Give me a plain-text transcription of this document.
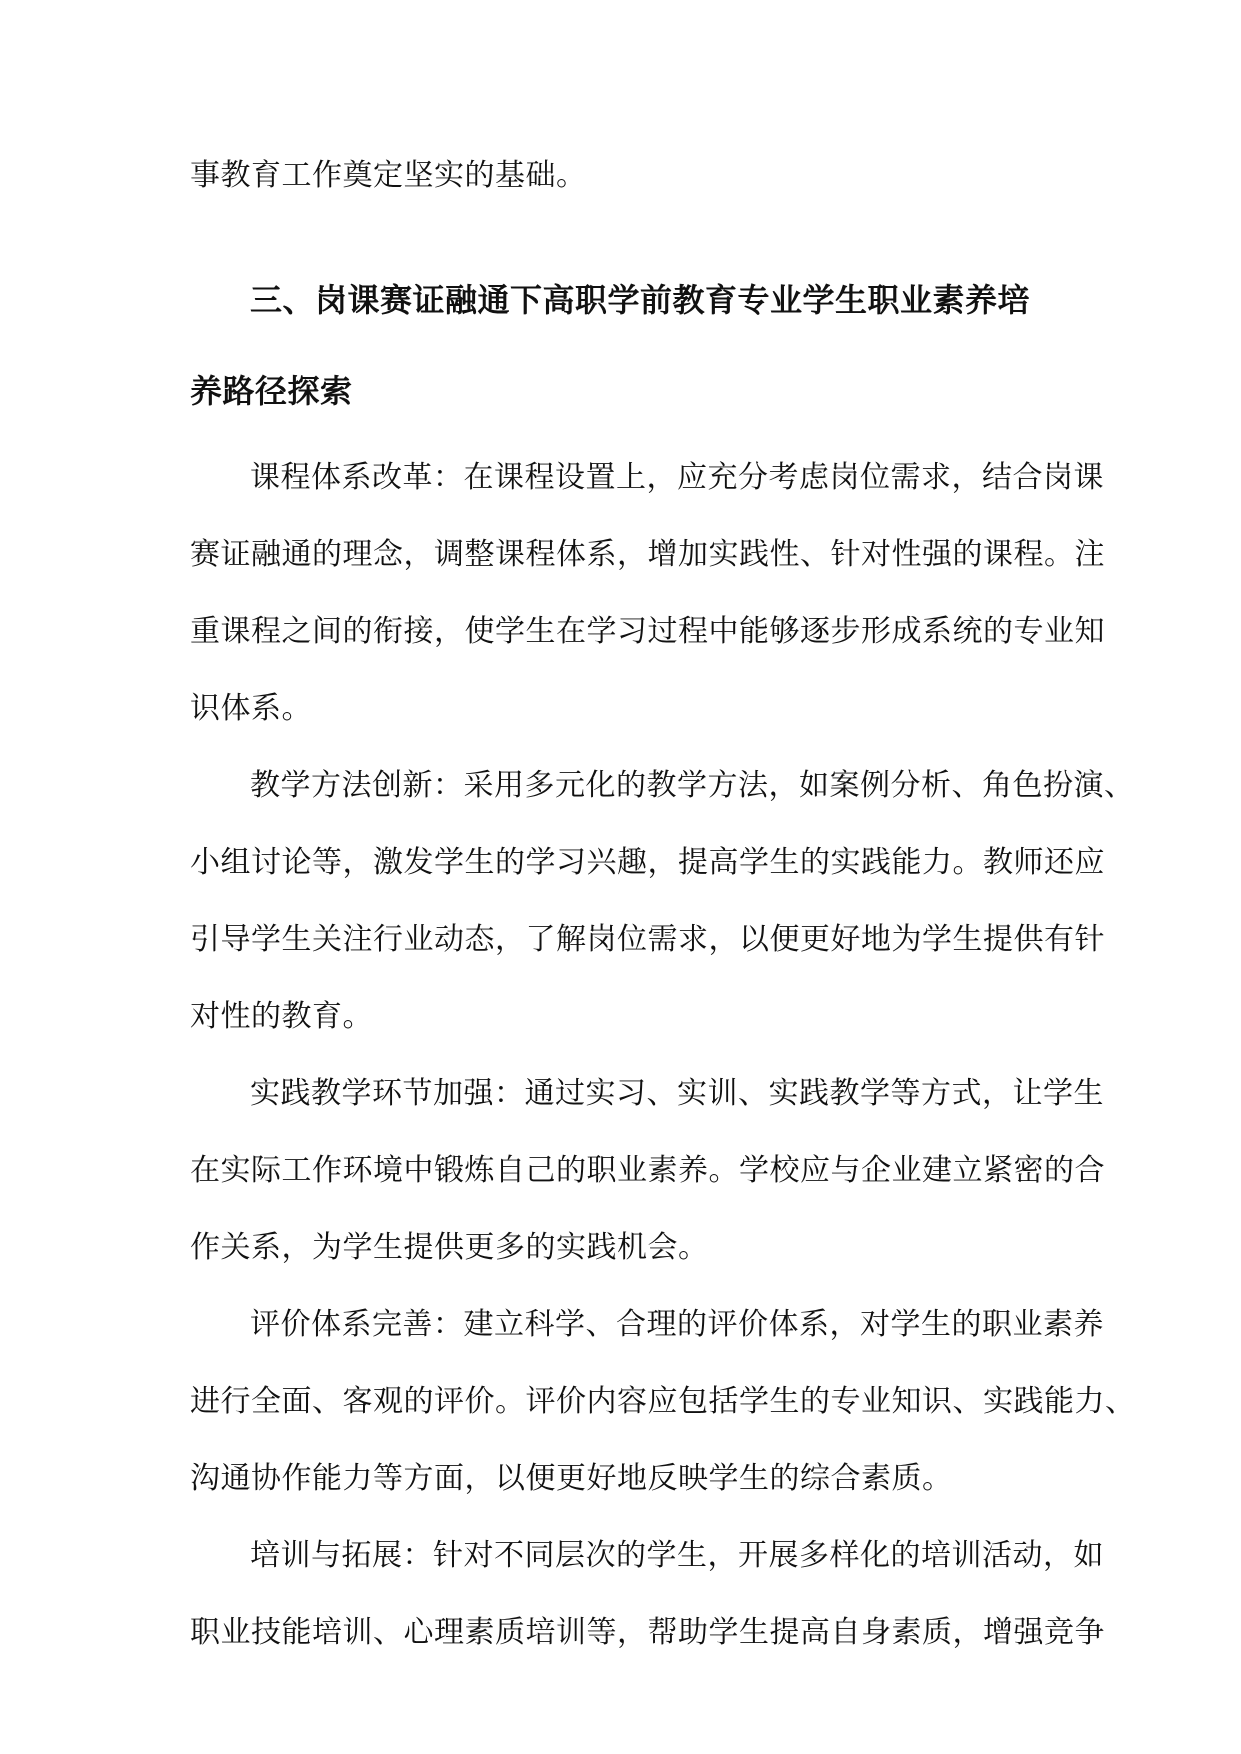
事教育工作奠定坚实的基础。
三、岗课赛证融通下高职学前教育专业学生职业素养培
养路径探索
课程体系改革：在课程设置上，应充分考虑岗位需求，结合岗课
赛证融通的理念，调整课程体系，增加实践性、针对性强的课程。注
重课程之间的衔接，使学生在学习过程中能够逐步形成系统的专业知
识体系。
教学方法创新：采用多元化的教学方法，如案例分析、角色扮演、
小组讨论等，激发学生的学习兴趣，提高学生的实践能力。教师还应
引导学生关注行业动态，了解岗位需求，以便更好地为学生提供有针
对性的教育。
实践教学环节加强：通过实习、实训、实践教学等方式，让学生
在实际工作环境中锻炼自己的职业素养。学校应与企业建立紧密的合
作关系，为学生提供更多的实践机会。
评价体系完善：建立科学、合理的评价体系，对学生的职业素养
进行全面、客观的评价。评价内容应包括学生的专业知识、实践能力、
沟通协作能力等方面，以便更好地反映学生的综合素质。
培训与拓展：针对不同层次的学生，开展多样化的培训活动，如
职业技能培训、心理素质培训等，帮助学生提高自身素质，增强竞争
